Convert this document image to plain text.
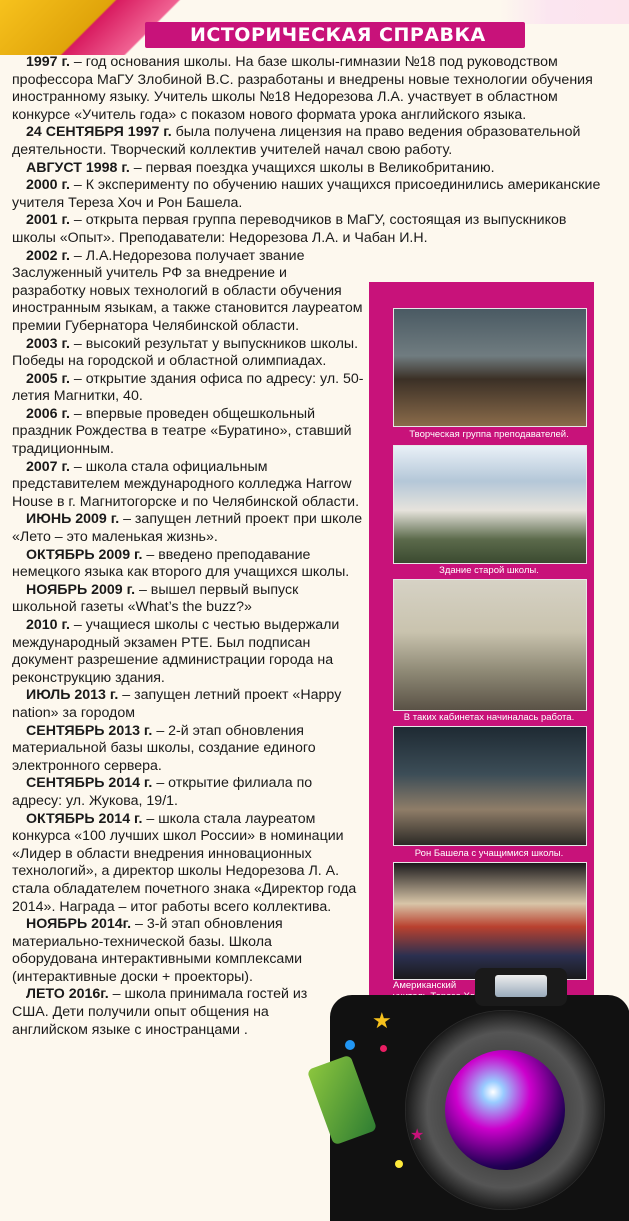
ИСТОРИЧЕСКАЯ СПРАВКА
Творческая группа преподавателей.
Здание старой школы.
В таких кабинетах начиналась работа.
Рон Башела с учащимися школы.
Американский
★
★

1997 г. – год основания школы. На базе школы-гимназии №18 под руководством профессора МаГУ Злобиной В.С. разработаны и внедрены новые технологии обучения иностранному языку. Учитель школы №18 Недорезова Л.А. участвует в областном конкурсе «Учитель года» с показом нового формата урока английского языка.

24 СЕНТЯБРЯ 1997 г. была получена лицензия на право ведения образовательной деятельности. Творческий коллектив учителей начал свою работу.

АВГУСТ 1998 г. – первая поездка учащихся школы в Великобританию.

2000 г. – К эксперименту по обучению наших учащихся присоединились американские учителя Тереза Хоч и Рон Башела.

2001 г. – открыта первая группа переводчиков в МаГУ, состоящая из выпускников школы «Опыт». Преподаватели: Недорезова Л.А. и Чабан И.Н.

2002 г. – Л.А.Недорезова получает звание Заслуженный учитель РФ за внедрение и разработку новых технологий в области обучения иностранным языкам, а также становится лауреатом премии Губернатора Челябинской области.

2003 г. – высокий результат у выпускников школы. Победы на городской и областной олимпиадах.

2005 г. – открытие здания офиса по адресу: ул. 50-летия Магнитки, 40.

2006 г. – впервые проведен общешкольный праздник Рождества в театре «Буратино», ставший традиционным.

2007 г. – школа стала официальным представителем международного колледжа Harrow House в г. Магнитогорске и по Челябинской области.

ИЮНЬ 2009 г. – запущен летний проект при школе «Лето – это маленькая жизнь».

ОКТЯБРЬ 2009 г. – введено преподавание немецкого языка как второго для учащихся школы.

НОЯБРЬ 2009 г. – вышел первый выпуск школьной газеты «What’s the buzz?»

2010 г. – учащиеся школы с честью выдержали международный экзамен PTE. Был подписан документ разрешение администрации города на реконструкцию здания.

ИЮЛЬ 2013 г. – запущен летний проект «Happy nation» за городом

СЕНТЯБРЬ 2013 г. – 2-й этап обновления материальной базы школы, создание единого электронного сервера.

СЕНТЯБРЬ 2014 г. – открытие филиала по адресу: ул. Жукова, 19/1.

ОКТЯБРЬ 2014 г. – школа стала лауреатом конкурса «100 лучших школ России» в номинации «Лидер в области внедрения инновационных технологий», а директор школы Недорезова Л. А. стала обладателем почетного знака «Директор года 2014». Награда – итог работы всего коллектива.

НОЯБРЬ 2014г. – 3-й этап обновления материально-технической базы. Школа оборудована интерактивными комплексами (интерактивные доски + проекторы).

ЛЕТО 2016г. – школа принимала гостей из США. Дети получили опыт общения на английском языке с иностранцами .
